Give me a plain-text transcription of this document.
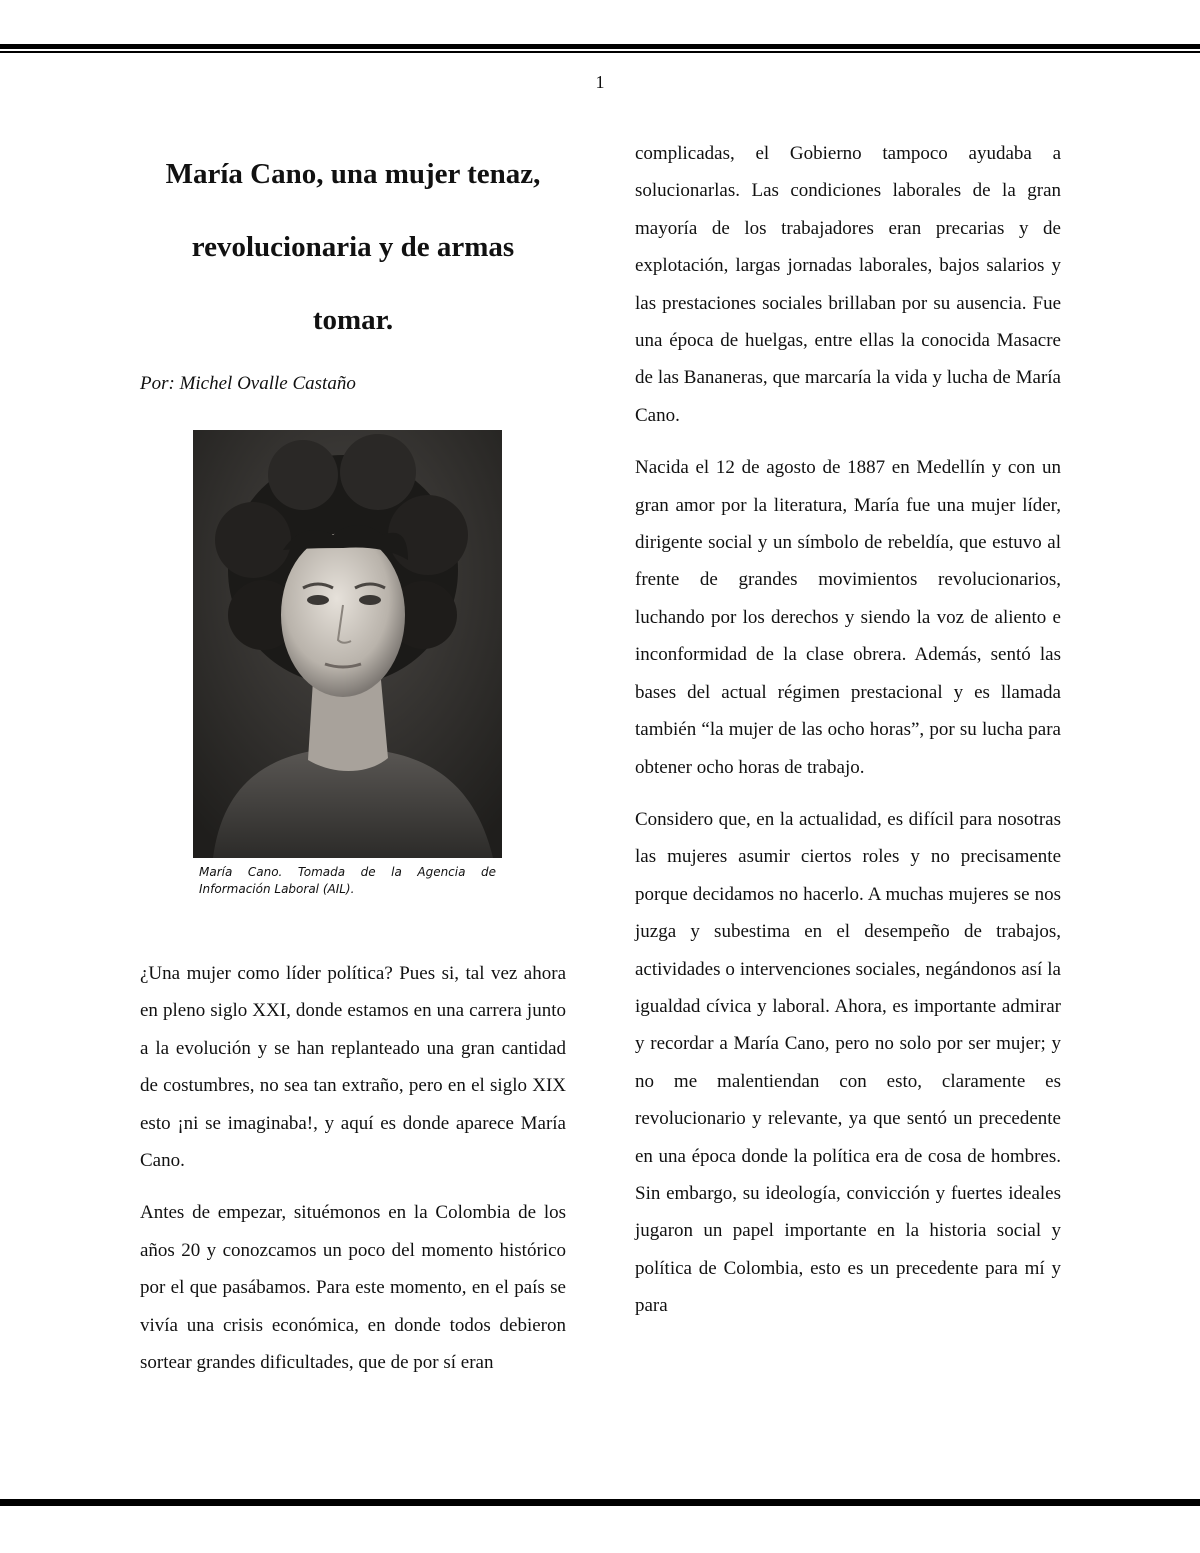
1
María Cano, una mujer tenaz,
revolucionaria y de armas
tomar.

Por: Michel Ovalle Castaño

María Cano. Tomada de la Agencia de Información Laboral (AIL).

¿Una mujer como líder política? Pues si, tal vez ahora en pleno siglo XXI, donde estamos en una carrera junto a la evolución y se han replanteado una gran cantidad de costumbres, no sea tan extraño, pero en el siglo XIX esto ¡ni se imaginaba!, y aquí es donde aparece María Cano.

Antes de empezar, situémonos en la Colombia de los años 20 y conozcamos un poco del momento histórico por el que pasábamos. Para este momento, en el país se vivía una crisis económica, en donde todos debieron sortear grandes dificultades, que de por sí eran

complicadas, el Gobierno tampoco ayudaba a solucionarlas. Las condiciones laborales de la gran mayoría de los trabajadores eran precarias y de explotación, largas jornadas laborales, bajos salarios y las prestaciones sociales brillaban por su ausencia. Fue una época de huelgas, entre ellas la conocida Masacre de las Bananeras, que marcaría la vida y lucha de María Cano.

Nacida el 12 de agosto de 1887 en Medellín y con un gran amor por la literatura, María fue una mujer líder, dirigente social y un símbolo de rebeldía, que estuvo al frente de grandes movimientos revolucionarios, luchando por los derechos y siendo la voz de aliento e inconformidad de la clase obrera. Además, sentó las bases del actual régimen prestacional y es llamada también “la mujer de las ocho horas”, por su lucha para obtener ocho horas de trabajo.

Considero que, en la actualidad, es difícil para nosotras las mujeres asumir ciertos roles y no precisamente porque decidamos no hacerlo. A muchas mujeres se nos juzga y subestima en el desempeño de trabajos, actividades o intervenciones sociales, negándonos así la igualdad cívica y laboral. Ahora, es importante admirar y recordar a María Cano, pero no solo por ser mujer; y no me malentiendan con esto, claramente es revolucionario y relevante, ya que sentó un precedente en una época donde la política era de cosa de hombres. Sin embargo, su ideología, convicción y fuertes ideales jugaron un papel importante en la historia social y política de Colombia, esto es un precedente para mí y para
